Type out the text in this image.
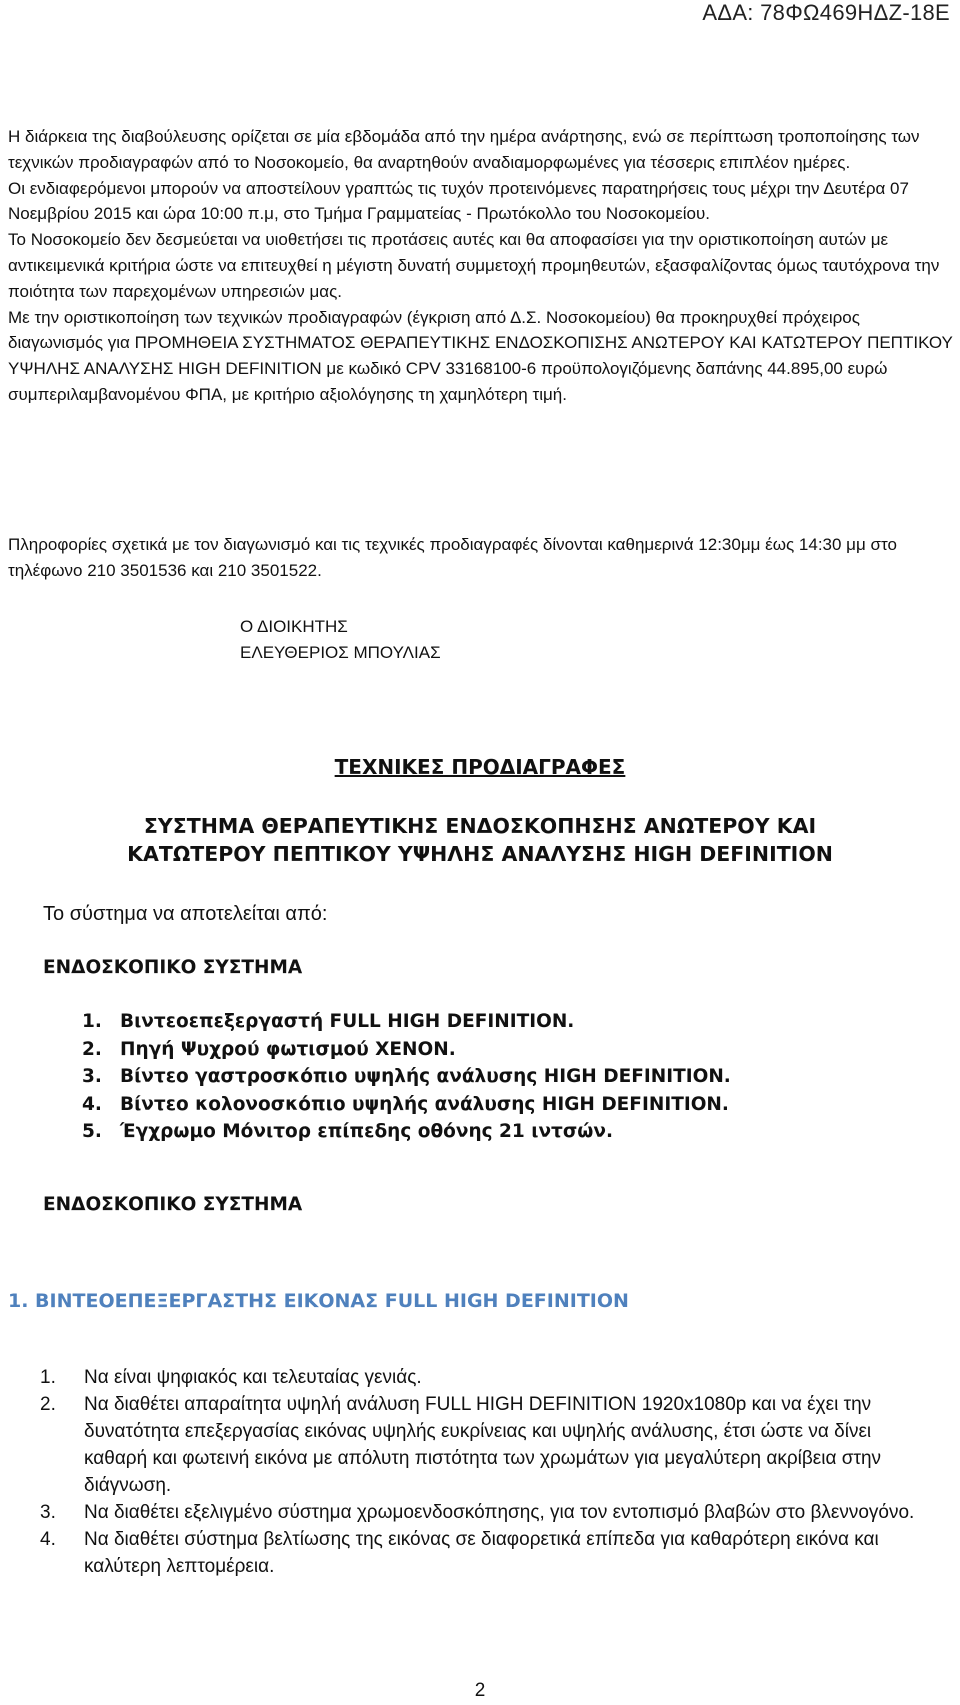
ΑΔΑ: 78ΦΩ469ΗΔΖ-18Ε

Η διάρκεια της διαβούλευσης ορίζεται σε μία εβδομάδα από την ημέρα ανάρτησης, ενώ σε περίπτωση τροποποίησης των τεχνικών προδιαγραφών από το Νοσοκομείο, θα αναρτηθούν αναδιαμορφωμένες για τέσσερις επιπλέον ημέρες.

Οι ενδιαφερόμενοι μπορούν να αποστείλουν γραπτώς τις τυχόν προτεινόμενες παρατηρήσεις τους μέχρι την Δευτέρα 07 Νοεμβρίου 2015 και ώρα 10:00 π.μ, στο Τμήμα Γραμματείας - Πρωτόκολλο του Νοσοκομείου.

Το Νοσοκομείο δεν δεσμεύεται να υιοθετήσει τις προτάσεις αυτές και θα αποφασίσει για την οριστικοποίηση αυτών με αντικειμενικά κριτήρια ώστε να επιτευχθεί η μέγιστη δυνατή συμμετοχή προμηθευτών, εξασφαλίζοντας όμως ταυτόχρονα την ποιότητα των παρεχομένων υπηρεσιών μας.

Με την οριστικοποίηση των τεχνικών προδιαγραφών (έγκριση από Δ.Σ. Νοσοκομείου) θα προκηρυχθεί πρόχειρος διαγωνισμός για ΠΡΟΜΗΘΕΙΑ ΣΥΣΤΗΜΑΤΟΣ ΘΕΡΑΠΕΥΤΙΚΗΣ ΕΝΔΟΣΚΟΠΙΣΗΣ ΑΝΩΤΕΡΟΥ ΚΑΙ ΚΑΤΩΤΕΡΟΥ ΠΕΠΤΙΚΟΥ ΥΨΗΛΗΣ ΑΝΑΛΥΣΗΣ HIGH DEFINITION με κωδικό CPV 33168100-6 προϋπολογιζόμενης δαπάνης 44.895,00 ευρώ συμπεριλαμβανομένου ΦΠΑ, με κριτήριο αξιολόγησης τη χαμηλότερη τιμή.

Πληροφορίες σχετικά με τον διαγωνισμό και τις τεχνικές προδιαγραφές δίνονται καθημερινά 12:30μμ έως 14:30 μμ στο τηλέφωνο 210 3501536 και 210 3501522.

Ο ΔΙΟΙΚΗΤΗΣ
ΕΛΕΥΘΕΡΙΟΣ ΜΠΟΥΛΙΑΣ
ΤΕΧΝΙΚΕΣ ΠΡΟΔΙΑΓΡΑΦΕΣ
ΣΥΣΤΗΜΑ ΘΕΡΑΠΕΥΤΙΚΗΣ ΕΝΔΟΣΚΟΠΗΣΗΣ ΑΝΩΤΕΡΟΥ ΚΑΙ
ΚΑΤΩΤΕΡΟΥ ΠΕΠΤΙΚΟΥ ΥΨΗΛΗΣ ΑΝΑΛΥΣΗΣ HIGH DEFINITION
Το σύστημα να αποτελείται από:
ΕΝΔΟΣΚΟΠΙΚΟ ΣΥΣΤΗΜΑ
1. Βιντεοεπεξεργαστή FULL HIGH DEFINITION.
2. Πηγή Ψυχρού φωτισμού XENON.
3. Βίντεο γαστροσκόπιο υψηλής ανάλυσης HIGH DEFINITION.
4. Βίντεο κολονοσκόπιο υψηλής ανάλυσης HIGH DEFINITION.
5. Έγχρωμο Μόνιτορ επίπεδης οθόνης 21 ιντσών.
ΕΝΔΟΣΚΟΠΙΚΟ ΣΥΣΤΗΜΑ
1. ΒΙΝΤΕΟΕΠΕΞΕΡΓΑΣΤΗΣ ΕΙΚΟΝΑΣ FULL HIGH DEFINITION
1.	Να είναι ψηφιακός και τελευταίας γενιάς.
2.	Να διαθέτει απαραίτητα υψηλή ανάλυση FULL HIGH DEFINITION 1920x1080p και να έχει την δυνατότητα επεξεργασίας εικόνας υψηλής ευκρίνειας και υψηλής ανάλυσης, έτσι ώστε να δίνει καθαρή και φωτεινή εικόνα με απόλυτη πιστότητα των χρωμάτων για μεγαλύτερη ακρίβεια στην διάγνωση.
3.	Να διαθέτει εξελιγμένο σύστημα χρωμοενδοσκόπησης, για τον εντοπισμό βλαβών στο βλεννογόνο.
4.	Να διαθέτει σύστημα βελτίωσης της εικόνας σε διαφορετικά επίπεδα για καθαρότερη εικόνα και καλύτερη λεπτομέρεια.
2
